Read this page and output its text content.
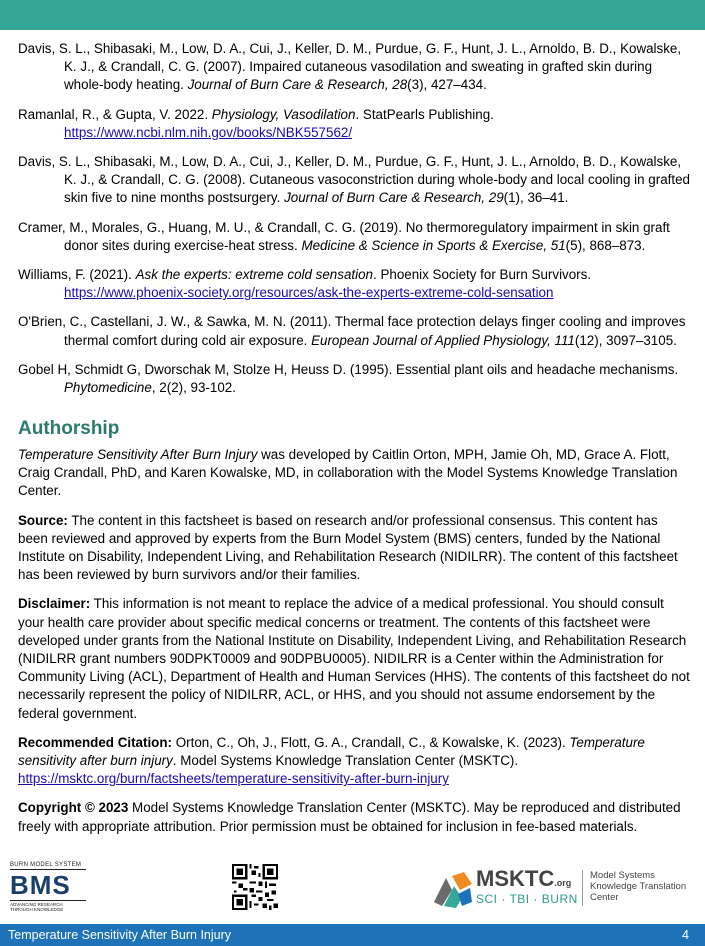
Davis, S. L., Shibasaki, M., Low, D. A., Cui, J., Keller, D. M., Purdue, G. F., Hunt, J. L., Arnoldo, B. D., Kowalske, K. J., & Crandall, C. G. (2007). Impaired cutaneous vasodilation and sweating in grafted skin during whole-body heating. Journal of Burn Care & Research, 28(3), 427–434.

Ramanlal, R., & Gupta, V. 2022. Physiology, Vasodilation. StatPearls Publishing.
https://www.ncbi.nlm.nih.gov/books/NBK557562/

Davis, S. L., Shibasaki, M., Low, D. A., Cui, J., Keller, D. M., Purdue, G. F., Hunt, J. L., Arnoldo, B. D., Kowalske, K. J., & Crandall, C. G. (2008). Cutaneous vasoconstriction during whole-body and local cooling in grafted skin five to nine months postsurgery. Journal of Burn Care & Research, 29(1), 36–41.

Cramer, M., Morales, G., Huang, M. U., & Crandall, C. G. (2019). No thermoregulatory impairment in skin graft donor sites during exercise-heat stress. Medicine & Science in Sports & Exercise, 51(5), 868–873.

Williams, F. (2021). Ask the experts: extreme cold sensation. Phoenix Society for Burn Survivors.
https://www.phoenix-society.org/resources/ask-the-experts-extreme-cold-sensation

O'Brien, C., Castellani, J. W., & Sawka, M. N. (2011). Thermal face protection delays finger cooling and improves thermal comfort during cold air exposure. European Journal of Applied Physiology, 111(12), 3097–3105.

Gobel H, Schmidt G, Dworschak M, Stolze H, Heuss D. (1995). Essential plant oils and headache mechanisms. Phytomedicine, 2(2), 93-102.

Authorship

Temperature Sensitivity After Burn Injury was developed by Caitlin Orton, MPH, Jamie Oh, MD, Grace A. Flott, Craig Crandall, PhD, and Karen Kowalske, MD, in collaboration with the Model Systems Knowledge Translation Center.

Source: The content in this factsheet is based on research and/or professional consensus. This content has been reviewed and approved by experts from the Burn Model System (BMS) centers, funded by the National Institute on Disability, Independent Living, and Rehabilitation Research (NIDILRR). The content of this factsheet has been reviewed by burn survivors and/or their families.

Disclaimer: This information is not meant to replace the advice of a medical professional. You should consult your health care provider about specific medical concerns or treatment. The contents of this factsheet were developed under grants from the National Institute on Disability, Independent Living, and Rehabilitation Research (NIDILRR grant numbers 90DPKT0009 and 90DPBU0005). NIDILRR is a Center within the Administration for Community Living (ACL), Department of Health and Human Services (HHS). The contents of this factsheet do not necessarily represent the policy of NIDILRR, ACL, or HHS, and you should not assume endorsement by the federal government.

Recommended Citation: Orton, C., Oh, J., Flott, G. A., Crandall, C., & Kowalske, K. (2023). Temperature sensitivity after burn injury. Model Systems Knowledge Translation Center (MSKTC).
https://msktc.org/burn/factsheets/temperature-sensitivity-after-burn-injury

Copyright © 2023 Model Systems Knowledge Translation Center (MSKTC). May be reproduced and distributed freely with appropriate attribution. Prior permission must be obtained for inclusion in fee-based materials.

BURN MODEL SYSTEM
BMS
ADVANCING RESEARCH THROUGH KNOWLEDGE
MSKTC.org
SCI · TBI · BURN
Model Systems Knowledge Translation Center
Temperature Sensitivity After Burn Injury	4
